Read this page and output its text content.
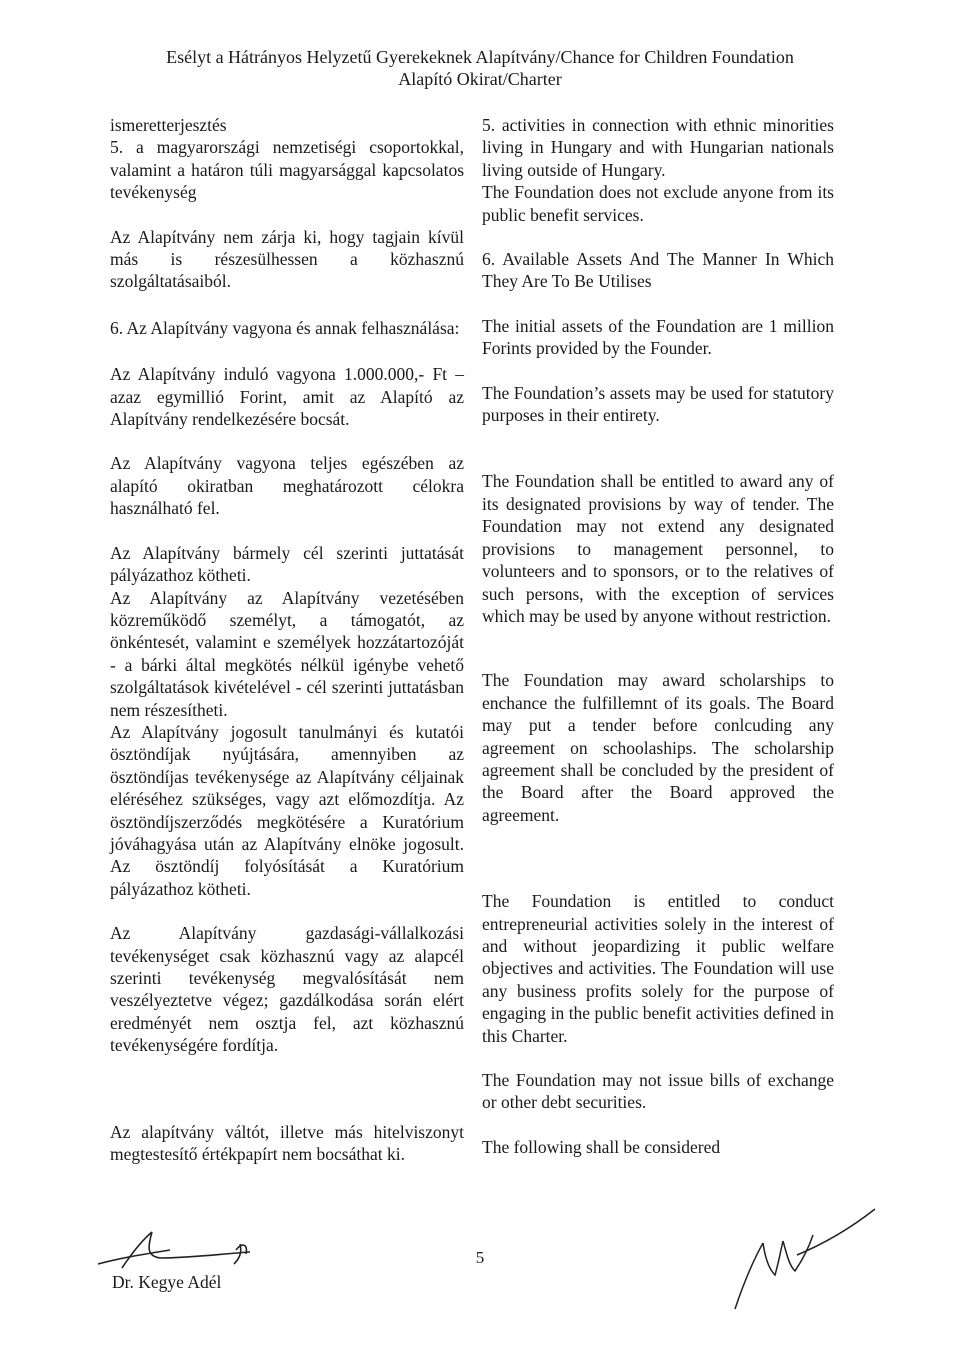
Esélyt a Hátrányos Helyzetű Gyerekeknek Alapítvány/Chance for Children Foundation
Alapító Okirat/Charter

ismeretterjesztés

5. a magyarországi nemzetiségi csoportokkal, valamint a határon túli magyarsággal kapcsolatos tevékenység

Az Alapítvány nem zárja ki, hogy tagjain kívül más is részesülhessen a közhasznú szolgáltatásaiból.

6. Az Alapítvány vagyona és annak felhasználása:

Az Alapítvány induló vagyona 1.000.000,- Ft – azaz egymillió Forint, amit az Alapító az Alapítvány rendelkezésére bocsát.

Az Alapítvány vagyona teljes egészében az alapító okiratban meghatározott célokra használható fel.

Az Alapítvány bármely cél szerinti juttatását pályázathoz kötheti.

Az Alapítvány az Alapítvány vezetésében közreműködő személyt, a támogatót, az önkéntesét, valamint e személyek hozzátartozóját - a bárki által megkötés nélkül igénybe vehető szolgáltatások kivételével - cél szerinti juttatásban nem részesítheti.

Az Alapítvány jogosult tanulmányi és kutatói ösztöndíjak nyújtására, amennyiben az ösztöndíjas tevékenysége az Alapítvány céljainak eléréséhez szükséges, vagy azt előmozdítja. Az ösztöndíjszerződés megkötésére a Kuratórium jóváhagyása után az Alapítvány elnöke jogosult. Az ösztöndíj folyósítását a Kuratórium pályázathoz kötheti.

Az Alapítvány gazdasági-vállalkozási tevékenységet csak közhasznú vagy az alapcél szerinti tevékenység megvalósítását nem veszélyeztetve végez; gazdálkodása során elért eredményét nem osztja fel, azt közhasznú tevékenységére fordítja.

Az alapítvány váltót, illetve más hitelviszonyt megtestesítő értékpapírt nem bocsáthat ki.

5. activities in connection with ethnic minorities living in Hungary and with Hungarian nationals living outside of Hungary.

The Foundation does not exclude anyone from its public benefit services.

6. Available Assets And The Manner In Which They Are To Be Utilises

The initial assets of the Foundation are 1 million Forints provided by the Founder.

The Foundation’s assets may be used for statutory purposes in their entirety.

The Foundation shall be entitled to award any of its designated provisions by way of tender. The Foundation may not extend any designated provisions to management personnel, to volunteers and to sponsors, or to the relatives of such persons, with the exception of services which may be used by anyone without restriction.

The Foundation may award scholarships to enchance the fulfillemnt of its goals. The Board may put a tender before conlcuding any agreement on schoolaships. The scholarship agreement shall be concluded by the president of the Board after the Board approved the agreement.

The Foundation is entitled to conduct entrepreneurial activities solely in the interest of and without jeopardizing it public welfare objectives and activities. The Foundation will use any business profits solely for the purpose of engaging in the public benefit activities defined in this Charter.

The Foundation may not issue bills of exchange or other debt securities.

The following shall be considered

Dr. Kegye Adél
5
